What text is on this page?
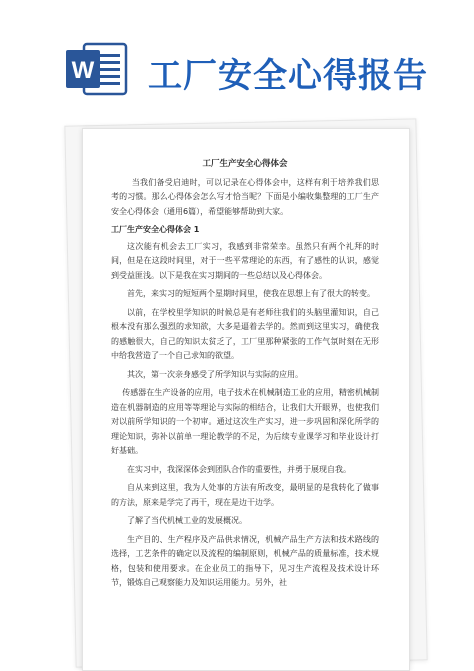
W 工厂安全心得报告
工厂生产安全心得体会

当我们备受启迪时，可以记录在心得体会中，这样有利于培养我们思考的习惯。那么心得体会怎么写才恰当呢？下面是小编收集整理的工厂生产安全心得体会（通用6篇），希望能够帮助到大家。

工厂生产安全心得体会 1

这次能有机会去工厂实习，我感到非常荣幸。虽然只有两个礼拜的时间，但是在这段时间里，对于一些平常理论的东西，有了感性的认识，感觉到受益匪浅。以下是我在实习期间的一些总结以及心得体会。

首先，来实习的短短两个星期时间里，使我在思想上有了很大的转变。

以前，在学校里学知识的时候总是有老师往我们的头脑里灌知识，自己根本没有那么强烈的求知欲，大多是逼着去学的。然而到这里实习，确使我的感触很大，自己的知识太贫乏了，工厂里那种紧张的工作气氛时刻在无形中给我营造了一个自己求知的欲望。

其次，第一次亲身感受了所学知识与实际的应用。

传感器在生产设备的应用，电子技术在机械制造工业的应用，精密机械制造在机器制造的应用等等理论与实际的相结合，让我们大开眼界，也使我们对以前所学知识的一个初审。通过这次生产实习，进一步巩固和深化所学的理论知识，弥补以前单一理论教学的不足，为后续专业课学习和毕业设计打好基础。

在实习中，我深深体会到团队合作的重要性，并勇于展现自我。

自从来到这里，我为人处事的方法有所改变，最明显的是我转化了做事的方法，原来是学完了再干，现在是边干边学。

了解了当代机械工业的发展概况。

生产目的、生产程序及产品供求情况，机械产品生产方法和技术路线的选择，工艺条件的确定以及流程的编制原则，机械产品的质量标准，技术规格，包装和使用要求。在企业员工的指导下，见习生产流程及技术设计环节，锻炼自己观察能力及知识运用能力。另外，社
